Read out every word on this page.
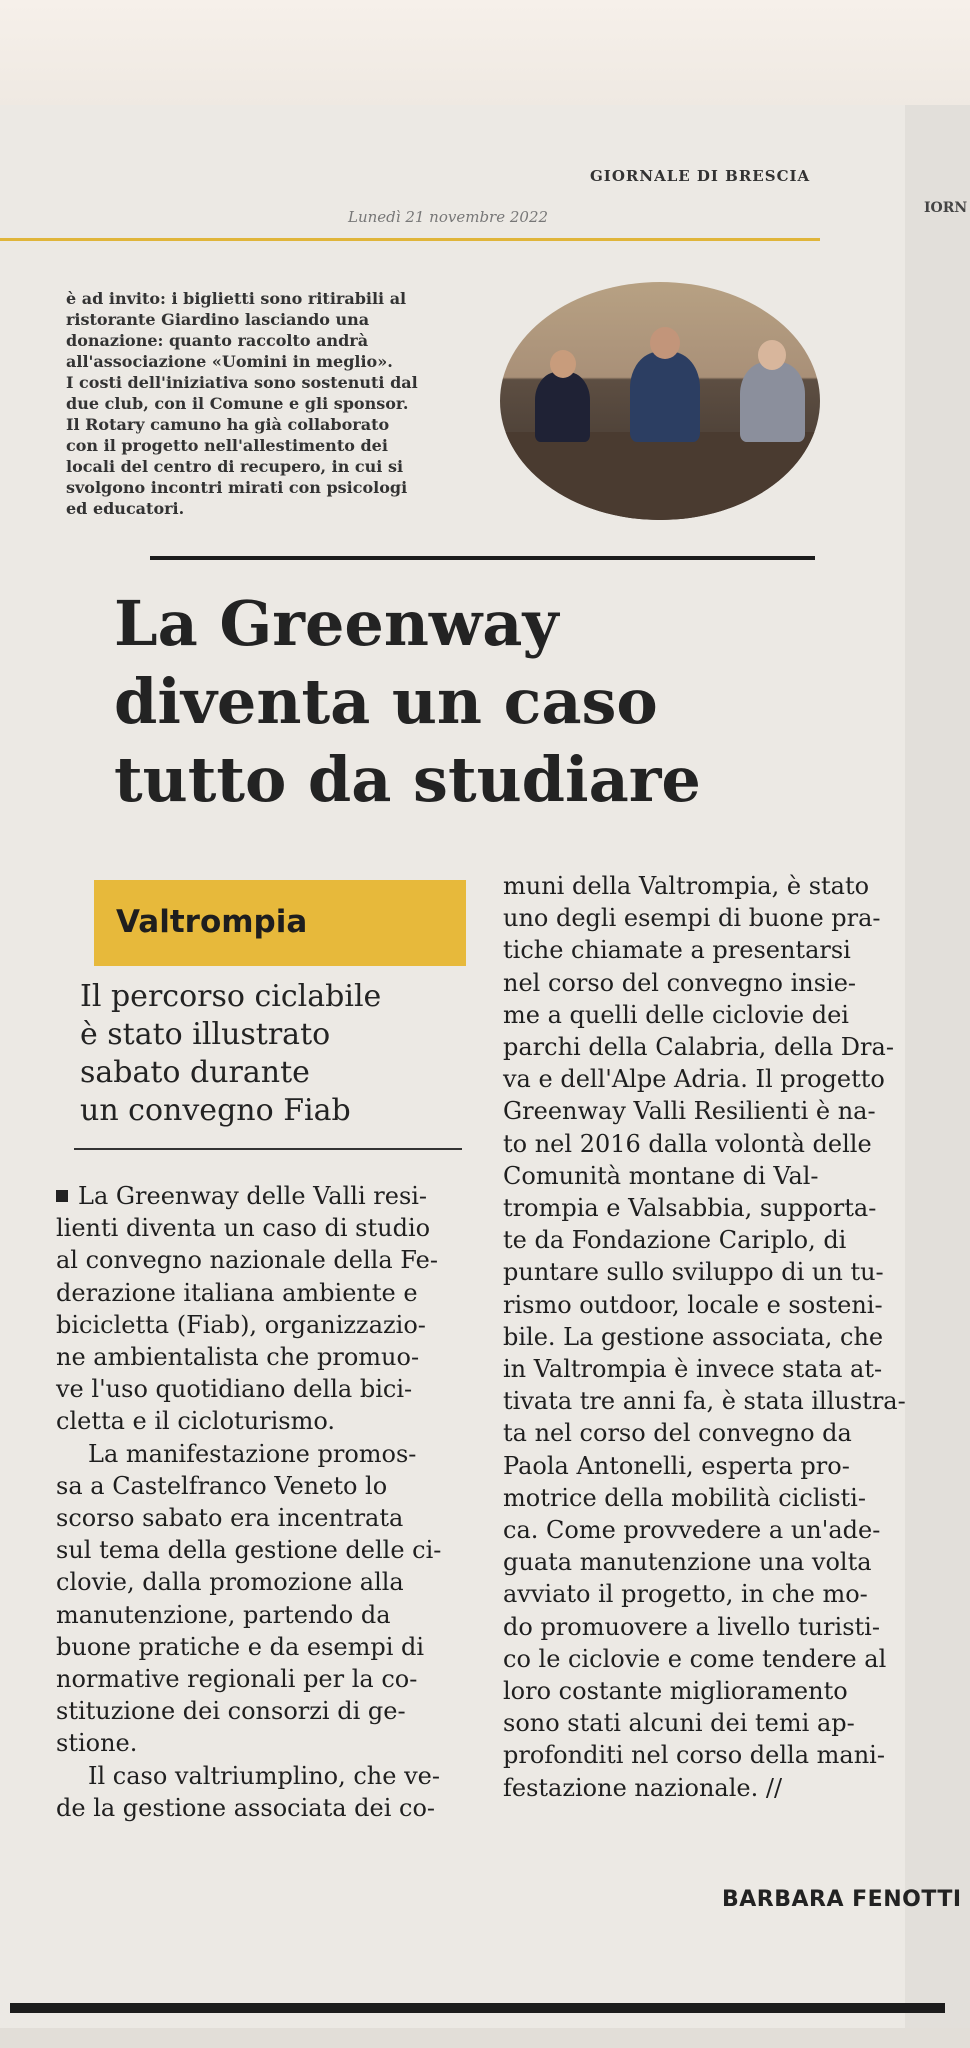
Lunedì 21 novembre 2022
GIORNALE DI BRESCIA
IORN
è ad invito: i biglietti sono ritirabili al
ristorante Giardino lasciando una
donazione: quanto raccolto andrà
all'associazione «Uomini in meglio».
I costi dell'iniziativa sono sostenuti dal
due club, con il Comune e gli sponsor.
Il Rotary camuno ha già collaborato
con il progetto nell'allestimento dei
locali del centro di recupero, in cui si
svolgono incontri mirati con psicologi
ed educatori.
La Greenway
diventa un caso
tutto da studiare
Valtrompia
Il percorso ciclabile
è stato illustrato
sabato durante
un convegno Fiab
La Greenway delle Valli resi-
lienti diventa un caso di studio
al convegno nazionale della Fe-
derazione italiana ambiente e
bicicletta (Fiab), organizzazio-
ne ambientalista che promuo-
ve l'uso quotidiano della bici-
cletta e il cicloturismo.
La manifestazione promos-
sa a Castelfranco Veneto lo
scorso sabato era incentrata
sul tema della gestione delle ci-
clovie, dalla promozione alla
manutenzione, partendo da
buone pratiche e da esempi di
normative regionali per la co-
stituzione dei consorzi di ge-
stione.
Il caso valtriumplino, che ve-
de la gestione associata dei co-
muni della Valtrompia, è stato
uno degli esempi di buone pra-
tiche chiamate a presentarsi
nel corso del convegno insie-
me a quelli delle ciclovie dei
parchi della Calabria, della Dra-
va e dell'Alpe Adria. Il progetto
Greenway Valli Resilienti è na-
to nel 2016 dalla volontà delle
Comunità montane di Val-
trompia e Valsabbia, supporta-
te da Fondazione Cariplo, di
puntare sullo sviluppo di un tu-
rismo outdoor, locale e sosteni-
bile. La gestione associata, che
in Valtrompia è invece stata at-
tivata tre anni fa, è stata illustra-
ta nel corso del convegno da
Paola Antonelli, esperta pro-
motrice della mobilità ciclisti-
ca. Come provvedere a un'ade-
guata manutenzione una volta
avviato il progetto, in che mo-
do promuovere a livello turisti-
co le ciclovie e come tendere al
loro costante miglioramento
sono stati alcuni dei temi ap-
profonditi nel corso della mani-
festazione nazionale. //
BARBARA FENOTTI
